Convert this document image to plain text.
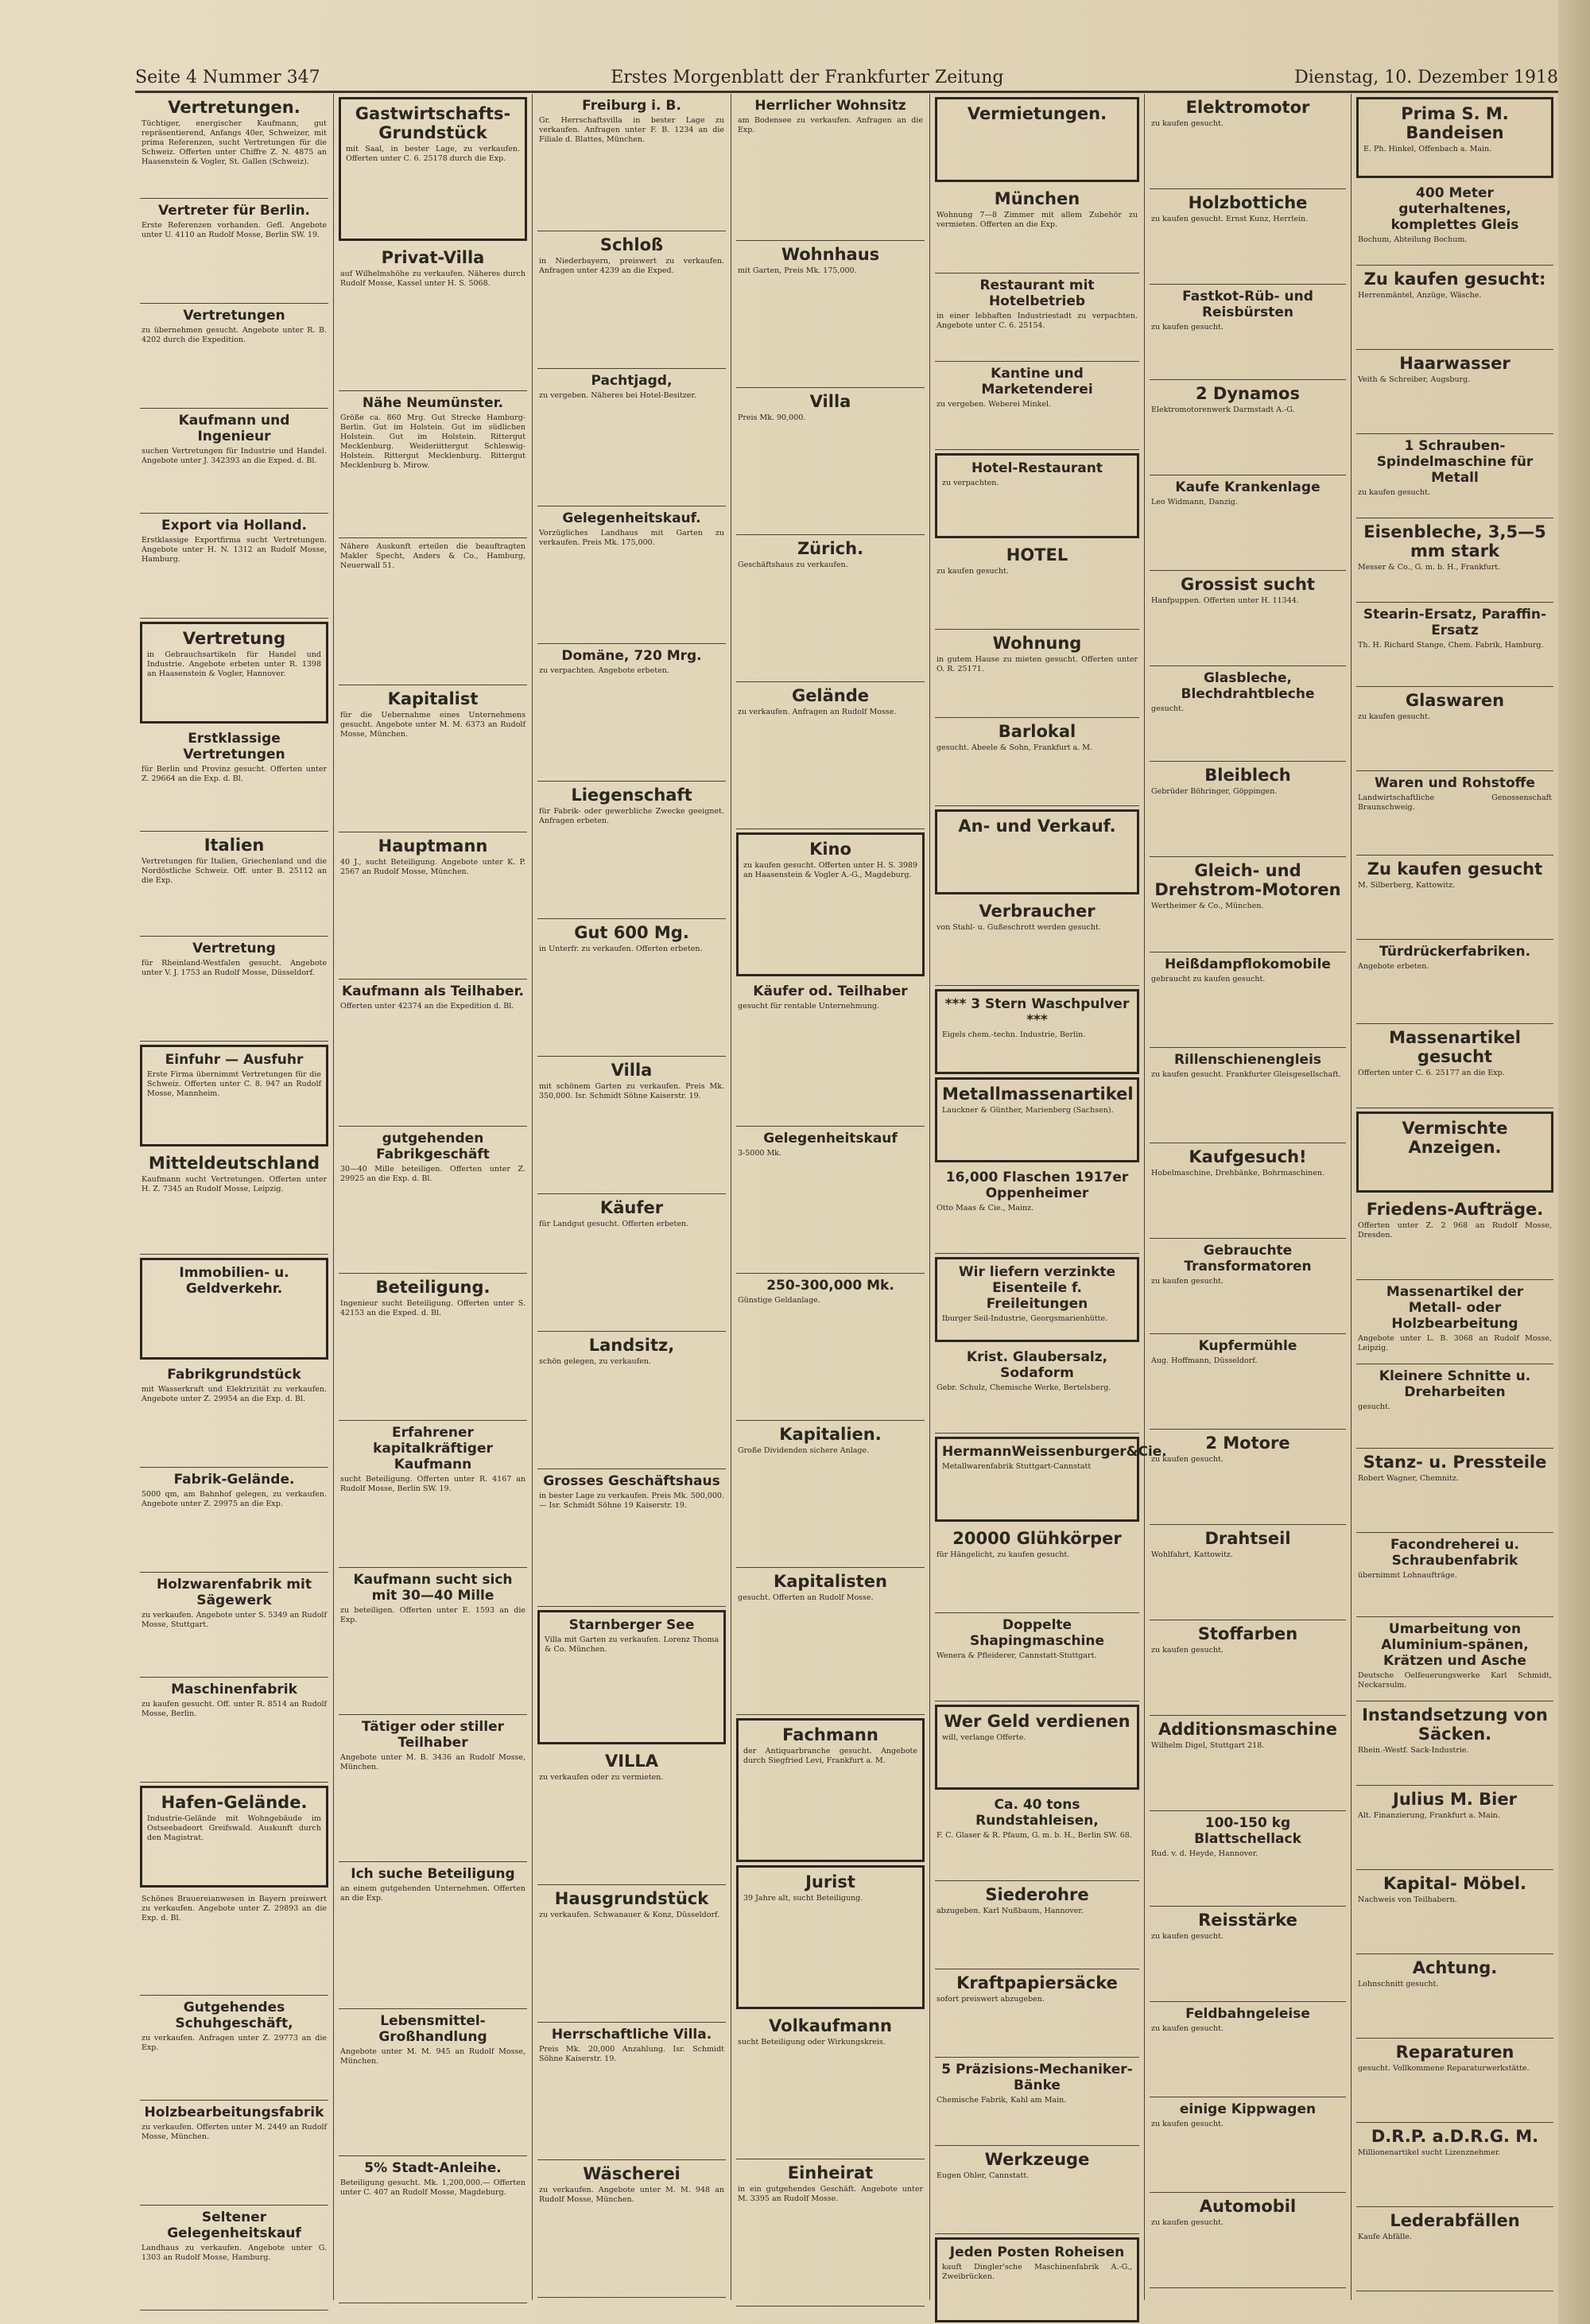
Seite 4 Nummer 347	Erstes Morgenblatt der Frankfurter Zeitung	Dienstag, 10. Dezember 1918
Vertretungen.
Tüchtiger, energischer Kaufmann, gut repräsentierend, Anfangs 40er, Schweizer, mit prima Referenzen, sucht Vertretungen für die Schweiz. Offerten unter Chiffre Z. N. 4875 an Haasenstein & Vogler, St. Gallen (Schweiz).
Vertreter für Berlin.
Erste Referenzen vorhanden. Gefl. Angebote unter U. 4110 an Rudolf Mosse, Berlin SW. 19.
Vertretungen
zu übernehmen gesucht. Angebote unter R. B. 4202 durch die Expedition.
Kaufmann und Ingenieur
suchen Vertretungen für Industrie und Handel. Angebote unter J. 342393 an die Exped. d. Bl.
Export via Holland.
Erstklassige Exportfirma sucht Vertretungen. Angebote unter H. N. 1312 an Rudolf Mosse, Hamburg.
Vertretung
in Gebrauchsartikeln für Handel und Industrie. Angebote erbeten unter R. 1398 an Haasenstein & Vogler, Hannover.
Erstklassige Vertretungen
für Berlin und Provinz gesucht. Offerten unter Z. 29664 an die Exp. d. Bl.
Italien
Vertretungen für Italien, Griechenland und die Nordöstliche Schweiz. Off. unter B. 25112 an die Exp.
Vertretung
für Rheinland-Westfalen gesucht. Angebote unter V. J. 1753 an Rudolf Mosse, Düsseldorf.
Einfuhr — Ausfuhr
Erste Firma übernimmt Vertretungen für die Schweiz. Offerten unter C. 8. 947 an Rudolf Mosse, Mannheim.
Mitteldeutschland
Kaufmann sucht Vertretungen. Offerten unter H. Z. 7345 an Rudolf Mosse, Leipzig.
Immobilien- u. Geldverkehr.
Fabrikgrundstück
mit Wasserkraft und Elektrizität zu verkaufen. Angebote unter Z. 29954 an die Exp. d. Bl.
Fabrik-Gelände.
5000 qm, am Bahnhof gelegen, zu verkaufen. Angebote unter Z. 29975 an die Exp.
Holzwarenfabrik mit Sägewerk
zu verkaufen. Angebote unter S. 5349 an Rudolf Mosse, Stuttgart.
Maschinenfabrik
zu kaufen gesucht. Off. unter R. 8514 an Rudolf Mosse, Berlin.
Hafen-Gelände.
Industrie-Gelände mit Wohngebäude im Ostseebadeort Greifswald. Auskunft durch den Magistrat.
Schönes Brauereianwesen in Bayern preiswert zu verkaufen. Angebote unter Z. 29893 an die Exp. d. Bl.
Gutgehendes Schuhgeschäft,
zu verkaufen. Anfragen unter Z. 29773 an die Exp.
Holzbearbeitungsfabrik
zu verkaufen. Offerten unter M. 2449 an Rudolf Mosse, München.
Seltener Gelegenheitskauf
Landhaus zu verkaufen. Angebote unter G. 1303 an Rudolf Mosse, Hamburg.
Gastwirtschafts-Grundstück
mit Saal, in bester Lage, zu verkaufen. Offerten unter C. 6. 25178 durch die Exp.
Privat-Villa
auf Wilhelmshöhe zu verkaufen. Näheres durch Rudolf Mosse, Kassel unter H. S. 5068.
Nähe Neumünster.
Größe ca. 860 Mrg. Gut Strecke Hamburg-Berlin. Gut im Holstein. Gut im südlichen Holstein. Gut im Holstein. Rittergut Mecklenburg. Weideriittergut Schleswig-Holstein. Rittergut Mecklenburg. Rittergut Mecklenburg b. Mirow.
Nähere Auskunft erteilen die beauftragten Makler Specht, Anders & Co., Hamburg, Neuerwall 51.
Kapitalist
für die Uebernahme eines Unternehmens gesucht. Angebote unter M. M. 6373 an Rudolf Mosse, München.
Hauptmann
40 J., sucht Beteiligung. Angebote unter K. P. 2567 an Rudolf Mosse, München.
Kaufmann als Teilhaber.
Offerten unter 42374 an die Expedition d. Bl.
gutgehenden Fabrikgeschäft
30—40 Mille beteiligen. Offerten unter Z. 29925 an die Exp. d. Bl.
Beteiligung.
Ingenieur sucht Beteiligung. Offerten unter S. 42153 an die Exped. d. Bl.
Erfahrener kapitalkräftiger Kaufmann
sucht Beteiligung. Offerten unter R. 4167 an Rudolf Mosse, Berlin SW. 19.
Kaufmann sucht sich mit 30—40 Mille
zu beteiligen. Offerten unter E. 1593 an die Exp.
Tätiger oder stiller Teilhaber
Angebote unter M. B. 3436 an Rudolf Mosse, München.
Ich suche Beteiligung
an einem gutgehenden Unternehmen. Offerten an die Exp.
Lebensmittel-Großhandlung
Angebote unter M. M. 945 an Rudolf Mosse, München.
5% Stadt-Anleihe.
Beteiligung gesucht. Mk. 1,200,000.— Offerten unter C. 407 an Rudolf Mosse, Magdeburg.
Freiburg i. B.
Gr. Herrschaftsvilla in bester Lage zu verkaufen. Anfragen unter F. B. 1234 an die Filiale d. Blattes, München.
Schloß
in Niederbayern, preiswert zu verkaufen. Anfragen unter 4239 an die Exped.
Pachtjagd,
zu vergeben. Näheres bei Hotel-Besitzer.
Gelegenheitskauf.
Vorzügliches Landhaus mit Garten zu verkaufen. Preis Mk. 175,000.
Domäne, 720 Mrg.
zu verpachten. Angebote erbeten.
Liegenschaft
für Fabrik- oder gewerbliche Zwecke geeignet. Anfragen erbeten.
Gut 600 Mg.
in Unterfr. zu verkaufen. Offerten erbeten.
Villa
mit schönem Garten zu verkaufen. Preis Mk. 350,000. Isr. Schmidt Söhne Kaiserstr. 19.
Käufer
für Landgut gesucht. Offerten erbeten.
Landsitz,
schön gelegen, zu verkaufen.
Grosses Geschäftshaus
in bester Lage zu verkaufen. Preis Mk. 500,000.— Isr. Schmidt Söhne 19 Kaiserstr. 19.
Starnberger See
Villa mit Garten zu verkaufen. Lorenz Thoma & Co. München.
VILLA
zu verkaufen oder zu vermieten.
Hausgrundstück
zu verkaufen. Schwanauer & Konz, Düsseldorf.
Herrschaftliche Villa.
Preis Mk. 20,000 Anzahlung. Isr. Schmidt Söhne Kaiserstr. 19.
Wäscherei
zu verkaufen. Angebote unter M. M. 948 an Rudolf Mosse, München.
Herrlicher Wohnsitz
am Bodensee zu verkaufen. Anfragen an die Exp.
Wohnhaus
mit Garten, Preis Mk. 175,000.
Villa
Preis Mk. 90,000.
Zürich.
Geschäftshaus zu verkaufen.
Gelände
zu verkaufen. Anfragen an Rudolf Mosse.
Kino
zu kaufen gesucht. Offerten unter H. S. 3989 an Haasenstein & Vogler A.-G., Magdeburg.
Käufer od. Teilhaber
gesucht für rentable Unternehmung.
Gelegenheitskauf
3-5000 Mk.
250-300,000 Mk.
Günstige Geldanlage.
Kapitalien.
Große Dividenden sichere Anlage.
Kapitalisten
gesucht. Offerten an Rudolf Mosse.
Fachmann
der Antiquarbranche gesucht. Angebote durch Siegfried Levi, Frankfurt a. M.
Jurist
39 Jahre alt, sucht Beteiligung.
Volkaufmann
sucht Beteiligung oder Wirkungskreis.
Einheirat
in ein gutgehendes Geschäft. Angebote unter M. 3395 an Rudolf Mosse.
Vermietungen.
München
Wohnung 7—8 Zimmer mit allem Zubehör zu vermieten. Offerten an die Exp.
Restaurant mit Hotelbetrieb
in einer lebhaften Industriestadt zu verpachten. Angebote unter C. 6. 25154.
Kantine und Marketenderei
zu vergeben. Weberei Minkel.
Hotel-Restaurant
zu verpachten.
HOTEL
zu kaufen gesucht.
Wohnung
in gutem Hause zu mieten gesucht. Offerten unter O. R. 25171.
Barlokal
gesucht. Abeele & Sohn, Frankfurt a. M.
An- und Verkauf.
Verbraucher
von Stahl- u. Gußeschrott werden gesucht.
*** 3 Stern Waschpulver ***
Eigels chem.-techn. Industrie, Berlin.
Metallmassenartikel
Lauckner & Günther, Marienberg (Sachsen).
16,000 Flaschen 1917er Oppenheimer
Otto Maas & Cie., Mainz.
Wir liefern verzinkte Eisenteile f. Freileitungen
Iburger Seil-Industrie, Georgsmarienhütte.
Krist. Glaubersalz, Sodaform
Gebr. Schulz, Chemische Werke, Bertelsberg.
HermannWeissenburger&Cie.
Metallwarenfabrik Stuttgart-Cannstatt
20000 Glühkörper
für Hängelicht, zu kaufen gesucht.
Doppelte Shapingmaschine
Wenera & Pfleiderer, Cannstatt-Stuttgart.
Wer Geld verdienen
will, verlange Offerte.
Ca. 40 tons Rundstahleisen,
F. C. Glaser & R. Pfaum, G. m. b. H., Berlin SW. 68.
Siederohre
abzugeben. Karl Nußbaum, Hannover.
Kraftpapiersäcke
sofort preiswert abzugeben.
5 Präzisions-Mechaniker-Bänke
Chemische Fabrik, Kahl am Main.
Werkzeuge
Eugen Ohler, Cannstatt.
Jeden Posten Roheisen
kauft Dingler'sche Maschinenfabrik A.-G., Zweibrücken.
Elektromotor
zu kaufen gesucht.
Holzbottiche
zu kaufen gesucht. Ernst Kunz, Herrlein.
Fastkot-Rüb- und Reisbürsten
zu kaufen gesucht.
2 Dynamos
Elektromotorenwerk Darmstadt A.-G.
Kaufe Krankenlage
Leo Widmann, Danzig.
Grossist sucht
Hanfpuppen. Offerten unter H. 11344.
Glasbleche, Blechdrahtbleche
gesucht.
Bleiblech
Gebrüder Böhringer, Göppingen.
Gleich- und Drehstrom-Motoren
Wertheimer & Co., München.
Heißdampflokomobile
gebraucht zu kaufen gesucht.
Rillenschienengleis
zu kaufen gesucht. Frankfurter Gleisgesellschaft.
Kaufgesuch!
Hobelmaschine, Drehbänke, Bohrmaschinen.
Gebrauchte Transformatoren
zu kaufen gesucht.
Kupfermühle
Aug. Hoffmann, Düsseldorf.
2 Motore
zu kaufen gesucht.
Drahtseil
Wohlfahrt, Kattowitz.
Stoffarben
zu kaufen gesucht.
Additionsmaschine
Wilhelm Digel, Stuttgart 218.
100-150 kg Blattschellack
Rud. v. d. Heyde, Hannover.
Reisstärke
zu kaufen gesucht.
Feldbahngeleise
zu kaufen gesucht.
einige Kippwagen
zu kaufen gesucht.
Automobil
zu kaufen gesucht.
Prima S. M. Bandeisen
E. Ph. Hinkel, Offenbach a. Main.
400 Meter guterhaltenes, komplettes Gleis
Bochum, Abteilung Bochum.
Zu kaufen gesucht:
Herrenmäntel, Anzüge, Wäsche.
Haarwasser
Veith & Schreiber, Augsburg.
1 Schrauben-Spindelmaschine für Metall
zu kaufen gesucht.
Eisenbleche, 3,5—5 mm stark
Messer & Co., G. m. b. H., Frankfurt.
Stearin-Ersatz, Paraffin-Ersatz
Th. H. Richard Stange, Chem. Fabrik, Hamburg.
Glaswaren
zu kaufen gesucht.
Waren und Rohstoffe
Landwirtschaftliche Genossenschaft Braunschweig.
Zu kaufen gesucht
M. Silberberg, Kattowitz.
Türdrückerfabriken.
Angebote erbeten.
Massenartikel gesucht
Offerten unter C. 6. 25177 an die Exp.
Vermischte Anzeigen.
Friedens-Aufträge.
Offerten unter Z. 2 968 an Rudolf Mosse, Dresden.
Massenartikel der Metall- oder Holzbearbeitung
Angebote unter L. B. 3068 an Rudolf Mosse, Leipzig.
Kleinere Schnitte u. Dreharbeiten
gesucht.
Stanz- u. Pressteile
Robert Wagner, Chemnitz.
Facondreherei u. Schraubenfabrik
übernimmt Lohnaufträge.
Umarbeitung von Aluminium-spänen, Krätzen und Asche
Deutsche Oelfeuerungswerke Karl Schmidt, Neckarsulm.
Instandsetzung von Säcken.
Rhein.-Westf. Sack-Industrie.
Julius M. Bier
Alt. Finanzierung, Frankfurt a. Main.
Kapital- Möbel.
Nachweis von Teilhabern.
Achtung.
Lohnschnitt gesucht.
Reparaturen
gesucht. Vollkommene Reparaturwerkstätte.
D.R.P. a.D.R.G. M.
Millionenartikel sucht Lizenznehmer.
Lederabfällen
Kaufe Abfälle.
